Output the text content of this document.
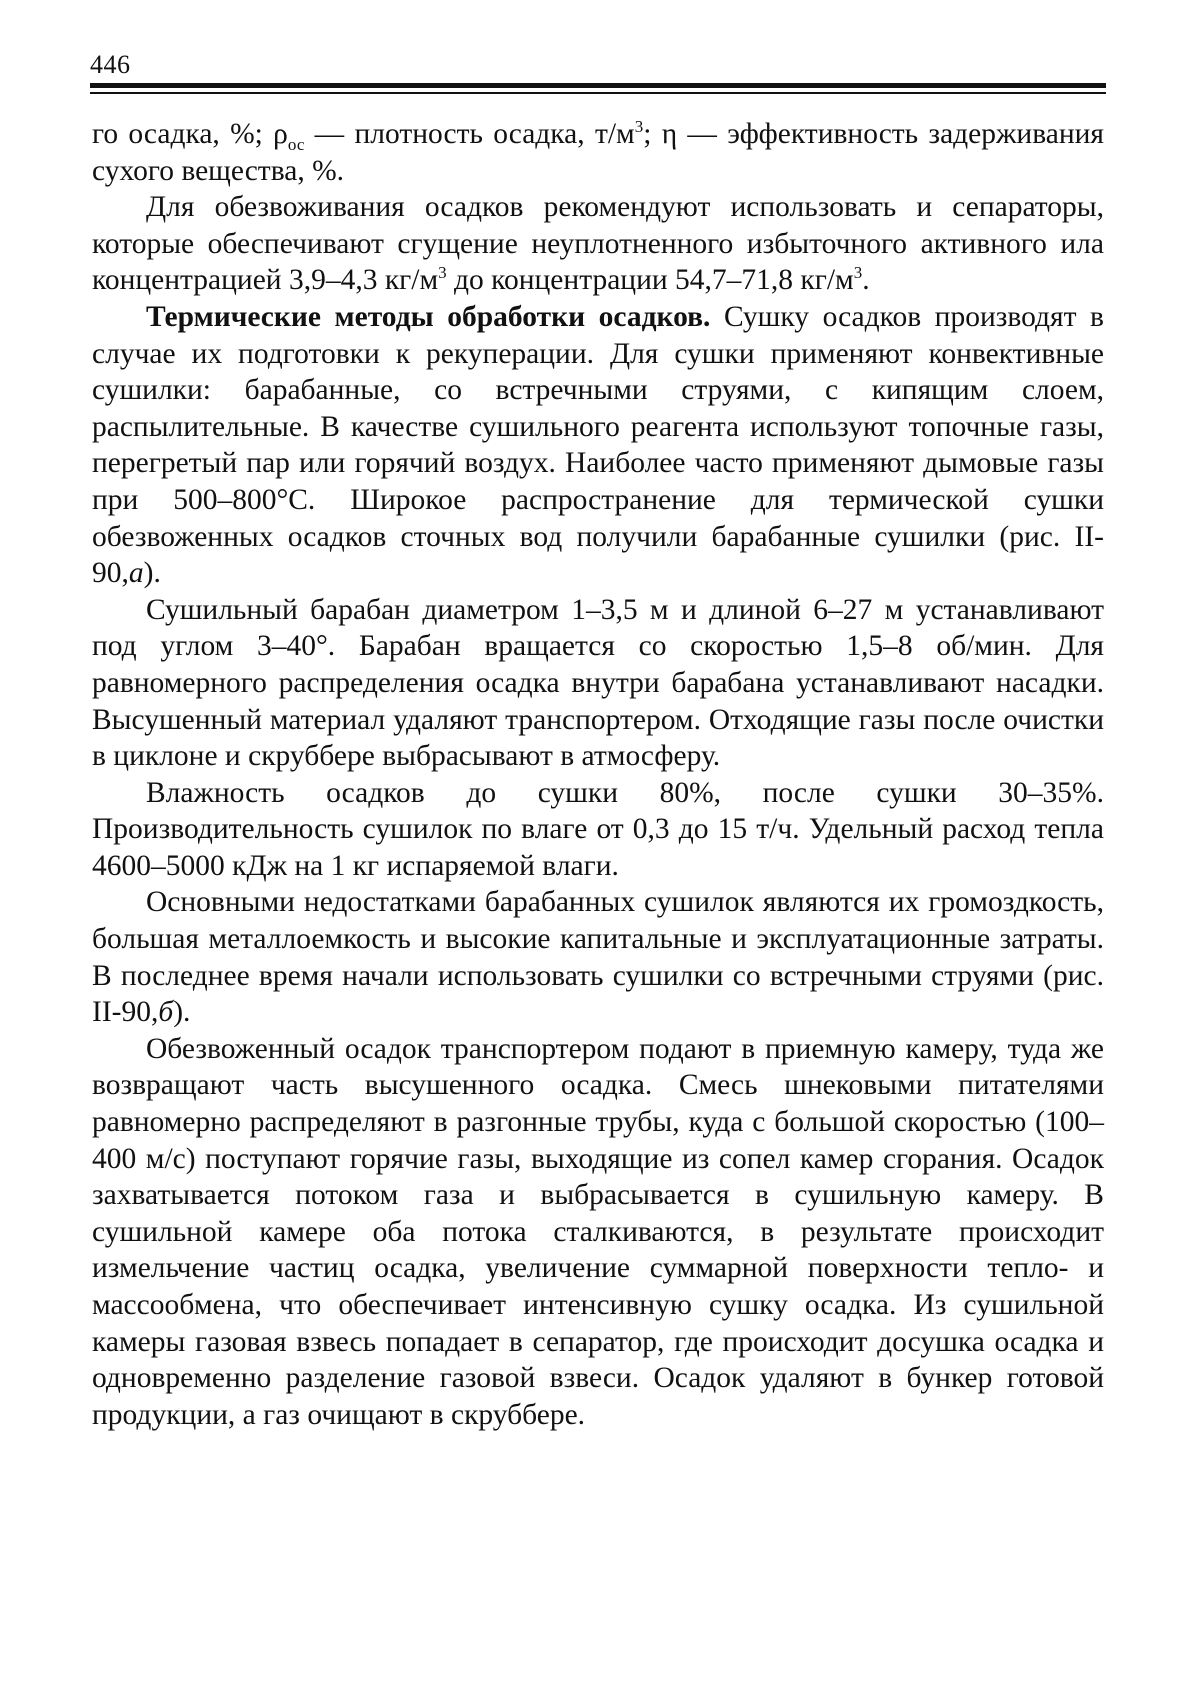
446

го осадка, %; $\rho_{ос}$ — плотность осадка, $т/м^3$; η — эффективность задерживания сухого вещества, %.

Для обезвоживания осадков рекомендуют использовать и сепараторы, которые обеспечивают сгущение неуплотненного избыточного активного ила концентрацией 3,9–4,3 $кг/м^3$ до концентрации 54,7–71,8 $кг/м^3$.

Термические методы обработки осадков. Сушку осадков производят в случае их подготовки к рекуперации. Для сушки применяют конвективные сушилки: барабанные, со встречными струями, с кипящим слоем, распылительные. В качестве сушильного реагента используют топочные газы, перегретый пар или горячий воздух. Наиболее часто применяют дымовые газы при 500–800°С. Широкое распространение для термической сушки обезвоженных осадков сточных вод получили барабанные сушилки (рис. II-90,а).

Сушильный барабан диаметром 1–3,5 м и длиной 6–27 м устанавливают под углом 3–40°. Барабан вращается со скоростью 1,5–8 об/мин. Для равномерного распределения осадка внутри барабана устанавливают насадки. Высушенный материал удаляют транспортером. Отходящие газы после очистки в циклоне и скруббере выбрасывают в атмосферу.

Влажность осадков до сушки 80%, после сушки 30–35%. Производительность сушилок по влаге от 0,3 до 15 т/ч. Удельный расход тепла 4600–5000 кДж на 1 кг испаряемой влаги.

Основными недостатками барабанных сушилок являются их громоздкость, большая металлоемкость и высокие капитальные и эксплуатационные затраты. В последнее время начали использовать сушилки со встречными струями (рис. II-90,б).

Обезвоженный осадок транспортером подают в приемную камеру, туда же возвращают часть высушенного осадка. Смесь шнековыми питателями равномерно распределяют в разгонные трубы, куда с большой скоростью (100–400 м/с) поступают горячие газы, выходящие из сопел камер сгорания. Осадок захватывается потоком газа и выбрасывается в сушильную камеру. В сушильной камере оба потока сталкиваются, в результате происходит измельчение частиц осадка, увеличение суммарной поверхности тепло- и массообмена, что обеспечивает интенсивную сушку осадка. Из сушильной камеры газовая взвесь попадает в сепаратор, где происходит досушка осадка и одновременно разделение газовой взвеси. Осадок удаляют в бункер готовой продукции, а газ очищают в скруббере.
